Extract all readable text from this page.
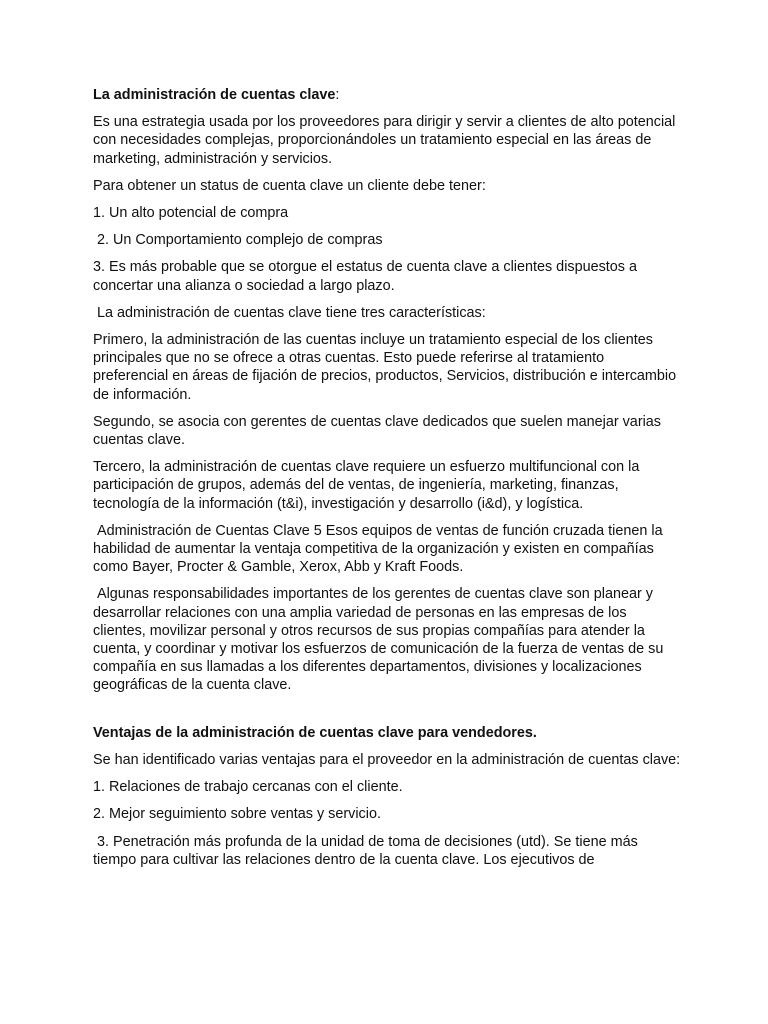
La administración de cuentas clave:

Es una estrategia usada por los proveedores para dirigir y servir a clientes de alto potencial con necesidades complejas, proporcionándoles un tratamiento especial en las áreas de marketing, administración y servicios.

Para obtener un status de cuenta clave un cliente debe tener:

1. Un alto potencial de compra

2. Un Comportamiento complejo de compras

3. Es más probable que se otorgue el estatus de cuenta clave a clientes dispuestos a concertar una alianza o sociedad a largo plazo.

La administración de cuentas clave tiene tres características:

Primero, la administración de las cuentas incluye un tratamiento especial de los clientes principales que no se ofrece a otras cuentas. Esto puede referirse al tratamiento preferencial en áreas de fijación de precios, productos, Servicios, distribución e intercambio de información.

Segundo, se asocia con gerentes de cuentas clave dedicados que suelen manejar varias cuentas clave.

Tercero, la administración de cuentas clave requiere un esfuerzo multifuncional con la participación de grupos, además del de ventas, de ingeniería, marketing, finanzas, tecnología de la información (t&i), investigación y desarrollo (i&d), y logística.

Administración de Cuentas Clave 5 Esos equipos de ventas de función cruzada tienen la habilidad de aumentar la ventaja competitiva de la organización y existen en compañías como Bayer, Procter & Gamble, Xerox, Abb y Kraft Foods.

Algunas responsabilidades importantes de los gerentes de cuentas clave son planear y desarrollar relaciones con una amplia variedad de personas en las empresas de los clientes, movilizar personal y otros recursos de sus propias compañías para atender la cuenta, y coordinar y motivar los esfuerzos de comunicación de la fuerza de ventas de su compañía en sus llamadas a los diferentes departamentos, divisiones y localizaciones geográficas de la cuenta clave.

Ventajas de la administración de cuentas clave para vendedores.

Se han identificado varias ventajas para el proveedor en la administración de cuentas clave:

1. Relaciones de trabajo cercanas con el cliente.

2. Mejor seguimiento sobre ventas y servicio.

3. Penetración más profunda de la unidad de toma de decisiones (utd). Se tiene más tiempo para cultivar las relaciones dentro de la cuenta clave. Los ejecutivos de
